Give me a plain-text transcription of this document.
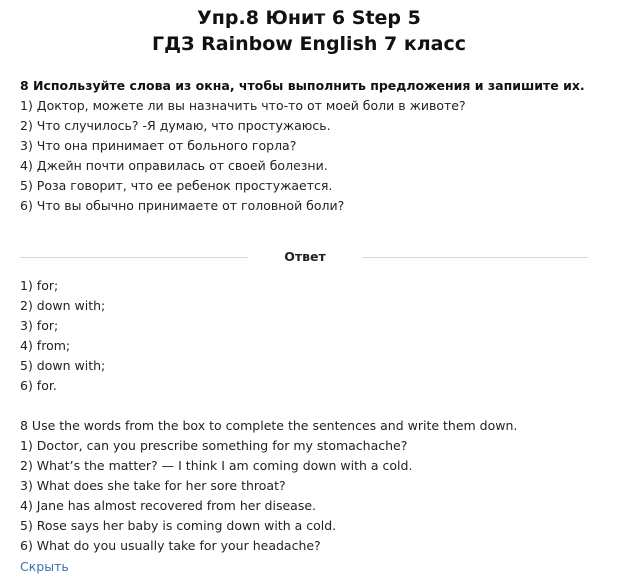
Упр.8 Юнит 6 Step 5
ГДЗ Rainbow English 7 класс
8 Используйте слова из окна, чтобы выполнить предложения и запишите их.
1) Доктор, можете ли вы назначить что-то от моей боли в животе?
2) Что случилось? -Я думаю, что простужаюсь.
3) Что она принимает от больного горла?
4) Джейн почти оправилась от своей болезни.
5) Роза говорит, что ее ребенок простужается.
6) Что вы обычно принимаете от головной боли?
Ответ
1) for;
2) down with;
3) for;
4) from;
5) down with;
6) for.
8 Use the words from the box to complete the sentences and write them down.
1) Doctor, can you prescribe something for my stomachache?
2) What’s the matter? — I think I am coming down with a cold.
3) What does she take for her sore throat?
4) Jane has almost recovered from her disease.
5) Rose says her baby is coming down with a cold.
6) What do you usually take for your headache?
Скрыть
